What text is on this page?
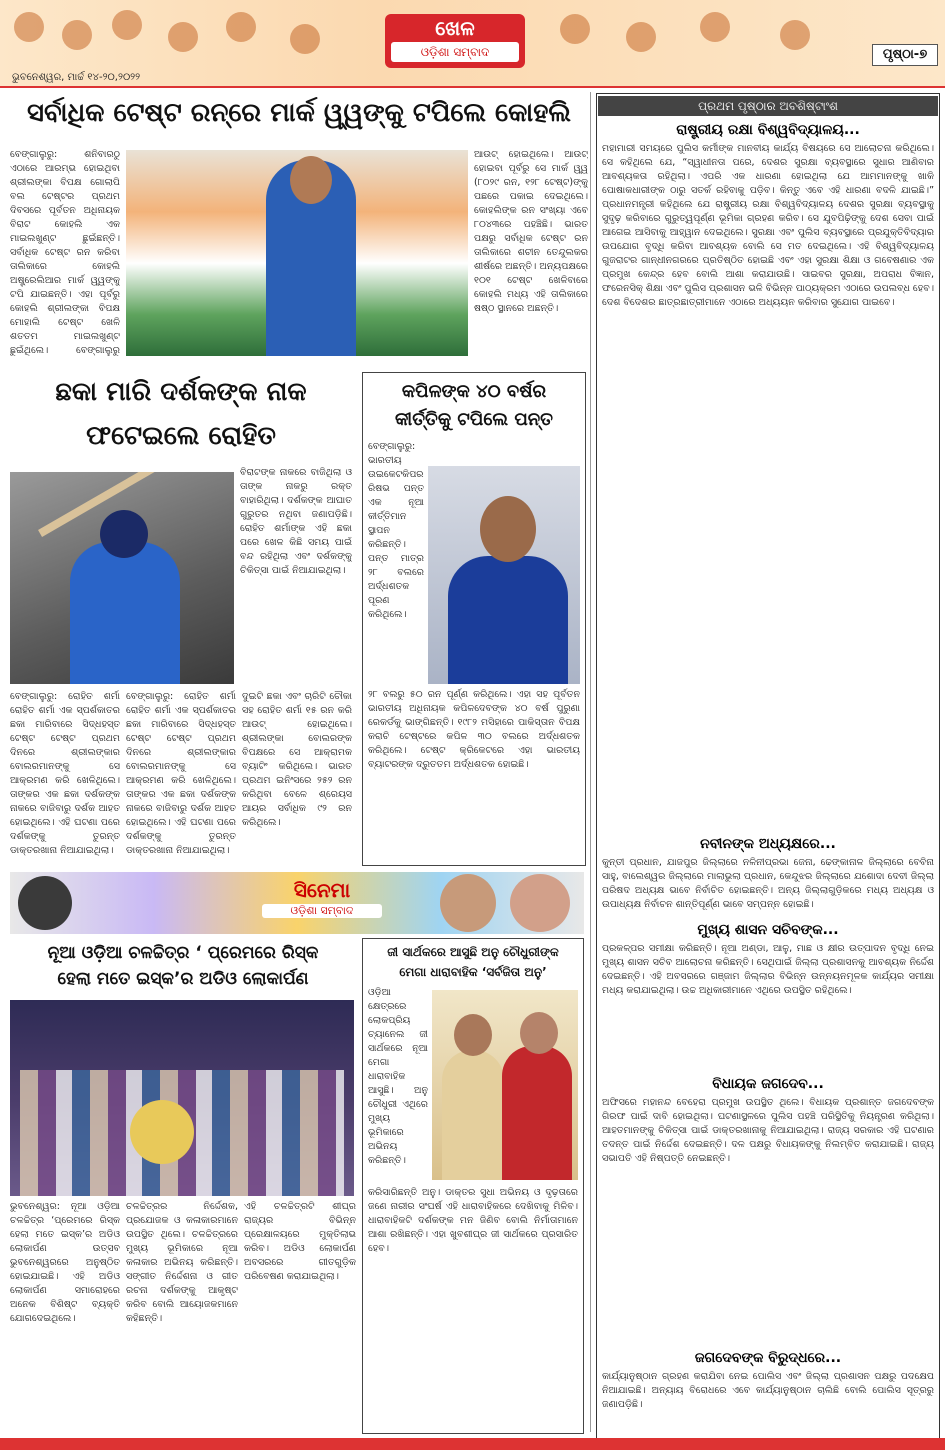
ଖେଳ
ଓଡ଼ିଶା ସମ୍ବାଦ
ଭୁବନେଶ୍ୱର, ମାର୍ଚ୍ଚ ୧୪-୨୦,୨୦୨୨
ପୃଷ୍ଠା-୭
ସର୍ବାଧିକ ଟେଷ୍ଟ ରନ୍‌ରେ ମାର୍କ ୱ୍ୱଙ୍କୁ ଟପିଲେ କୋହଲି
ବେଙ୍ଗାଲୁରୁ: ଶନିବାରଠୁ ଏଠାରେ ଆରମ୍ଭ ହୋଇଥିବା ଶ୍ରୀଲଙ୍କା ବିପକ୍ଷ ଗୋଲାପି ବଲ ଟେଷ୍ଟର ପ୍ରଥମ ଦିବସରେ ପୂର୍ବତନ ଅଧିନାୟକ ବିରାଟ କୋହଲି ଏକ ମାଇଲଖୁଣ୍ଟ ଛୁଇଁଛନ୍ତି। ସର୍ବାଧିକ ଟେଷ୍ଟ ରନ କରିବା ତାଲିକାରେ କୋହଲି ଅଷ୍ଟ୍ରେଲିଆର ମାର୍କ ୱ୍ୱଙ୍କୁ ଟପି ଯାଇଛନ୍ତି। ଏହା ପୂର୍ବରୁ କୋହଲି ଶ୍ରୀଲଙ୍କା ବିପକ୍ଷ ମୋହାଲି ଟେଷ୍ଟ ଖେଳି ଶତତମ ମାଇଲଖୁଣ୍ଟ ଛୁଇଁଥିଲେ। ବେଙ୍ଗାଲୁରୁ
ଆଉଟ୍ ହୋଇଥିଲେ। ଆଉଟ୍ ହୋଇବା ପୂର୍ବରୁ ସେ ମାର୍କ ୱ୍ୱ (୮୦୨୯ ରନ, ୧୨୮ ଟେଷ୍ଟ)ଙ୍କୁ ପଛରେ ପକାଇ ଦେଇଥିଲେ। କୋହଲିଙ୍କ ରନ ସଂଖ୍ୟା ଏବେ ୮୦୪୩ରେ ପହଞ୍ଚିଛି। ଭାରତ ପକ୍ଷରୁ ସର୍ବାଧିକ ଟେଷ୍ଟ ରନ ତାଲିକାରେ ଶଚୀନ ତେନ୍ଦୁଲକର ଶୀର୍ଷରେ ଅଛନ୍ତି। ଅନ୍ୟପକ୍ଷରେ ୧୦୧ ଟେଷ୍ଟ ଖେଳିବାରେ କୋହଲି ମଧ୍ୟ ଏହି ତାଲିକାରେ ଷଷ୍ଠ ସ୍ଥାନରେ ଅଛନ୍ତି।
ଛକା ମାରି ଦର୍ଶକଙ୍କ ନାକ
ଫଟେଇଲେ ରୋହିତ
ବିରାଟଙ୍କ ନାକରେ ବାଜିଥିଲା ଓ ତାଙ୍କ ନାକରୁ ରକ୍ତ ବାହାରିଥିଲା। ଦର୍ଶକଙ୍କ ଆଘାତ ଗୁରୁତର ନଥିବା ଜଣାପଡ଼ିଛି। ରୋହିତ ଶର୍ମାଙ୍କ ଏହି ଛକା ପରେ ଖେଳ କିଛି ସମୟ ପାଇଁ ବନ୍ଦ ରହିଥିଲା ଏବଂ ଦର୍ଶକଙ୍କୁ ଚିକିତ୍ସା ପାଇଁ ନିଆଯାଇଥିଲା।
ବେଙ୍ଗାଲୁରୁ: ରୋହିତ ଶର୍ମା ରୋହିତ ଶର୍ମା ଏକ ସ୍ପର୍ଶକାତର ଛକା ମାରିବାରେ ସିଦ୍ଧହସ୍ତ ଟେଷ୍ଟ ଟେଷ୍ଟ ପ୍ରଥମ ଦିନରେ ଶ୍ରୀଲଙ୍କାର ବୋଲରମାନଙ୍କୁ ସେ ଆକ୍ରମଣ କରି ଖେଳିଥିଲେ। ତାଙ୍କର ଏକ ଛକା ଦର୍ଶକଙ୍କ ନାକରେ ବାଜିବାରୁ ଦର୍ଶକ ଆହତ ହୋଇଥିଲେ। ଏହି ଘଟଣା ପରେ ଦର୍ଶକଙ୍କୁ ତୁରନ୍ତ ଡାକ୍ତରଖାନା ନିଆଯାଇଥିଲା।
ବେଙ୍ଗାଲୁରୁ: ରୋହିତ ଶର୍ମା ରୋହିତ ଶର୍ମା ଏକ ସ୍ପର୍ଶକାତର ଛକା ମାରିବାରେ ସିଦ୍ଧହସ୍ତ ଟେଷ୍ଟ ଟେଷ୍ଟ ପ୍ରଥମ ଦିନରେ ଶ୍ରୀଲଙ୍କାର ବୋଲରମାନଙ୍କୁ ସେ ଆକ୍ରମଣ କରି ଖେଳିଥିଲେ। ତାଙ୍କର ଏକ ଛକା ଦର୍ଶକଙ୍କ ନାକରେ ବାଜିବାରୁ ଦର୍ଶକ ଆହତ ହୋଇଥିଲେ। ଏହି ଘଟଣା ପରେ ଦର୍ଶକଙ୍କୁ ତୁରନ୍ତ ଡାକ୍ତରଖାନା ନିଆଯାଇଥିଲା।
ଦୁଇଟି ଛକା ଏବଂ ଚାରିଟି ଚୌକା ସହ ରୋହିତ ଶର୍ମା ୧୫ ରନ କରି ଆଉଟ୍ ହୋଇଥିଲେ। ଶ୍ରୀଲଙ୍କା ବୋଲରଙ୍କ ବିପକ୍ଷରେ ସେ ଆକ୍ରାମକ ବ୍ୟାଟିଂ କରିଥିଲେ। ଭାରତ ପ୍ରଥମ ଇନିଂସରେ ୨୫୨ ରନ କରିଥିବା ବେଳେ ଶ୍ରେୟସ ଆୟର ସର୍ବାଧିକ ୯୨ ରନ କରିଥିଲେ।
କପିଳଙ୍କ ୪୦ ବର୍ଷର
କୀର୍ତ୍ତିକୁ ଟପିଲେ ପନ୍ତ
ବେଙ୍ଗାଲୁରୁ: ଭାରତୀୟ ଉଇକେଟକିପର ରିଷଭ ପନ୍ତ ଏକ ନୂଆ କୀର୍ତ୍ତିମାନ ସ୍ଥାପନ କରିଛନ୍ତି। ପନ୍ତ ମାତ୍ର ୨୮ ବଲରେ ଅର୍ଦ୍ଧଶତକ ପୂରଣ କରିଥିଲେ।
୨୮ ବଲରୁ ୫୦ ରନ ପୂର୍ଣ୍ଣ କରିଥିଲେ। ଏହା ସହ ପୂର୍ବତନ ଭାରତୀୟ ଅଧିନାୟକ କପିଳଦେବଙ୍କ ୪୦ ବର୍ଷ ପୁରୁଣା ରେକର୍ଡକୁ ଭାଙ୍ଗିଛନ୍ତି। ୧୯୮୨ ମସିହାରେ ପାକିସ୍ତାନ ବିପକ୍ଷ କରାଚି ଟେଷ୍ଟରେ କପିଳ ୩୦ ବଲରେ ଅର୍ଦ୍ଧଶତକ କରିଥିଲେ। ଟେଷ୍ଟ କ୍ରିକେଟରେ ଏହା ଭାରତୀୟ ବ୍ୟାଟରଙ୍କ ଦ୍ରୁତତମ ଅର୍ଦ୍ଧଶତକ ହୋଇଛି।
ସିନେମା
ଓଡ଼ିଶା ସମ୍ବାଦ
ନୂଆ ଓଡ଼ିଆ ଚଳଚ୍ଚିତ୍ର ‘ ପ୍ରେମରେ ରିସ୍କ
ହେଲା ମତେ ଇସ୍କ’ର ଅଡିଓ ଲୋକାର୍ପଣ
ଭୁବନେଶ୍ୱର: ନୂଆ ଓଡ଼ିଆ ଚଳଚ୍ଚିତ୍ର ‘ପ୍ରେମରେ ରିସ୍କ ହେଲା ମତେ ଇସ୍କ’ର ଅଡିଓ ଲୋକାର୍ପଣ ଉତ୍ସବ ଭୁବନେଶ୍ୱରରେ ଅନୁଷ୍ଠିତ ହୋଇଯାଇଛି। ଏହି ଅଡିଓ ଲୋକାର୍ପଣ ସମାରୋହରେ ଅନେକ ବିଶିଷ୍ଟ ବ୍ୟକ୍ତି ଯୋଗଦେଇଥିଲେ।
ଚଳଚ୍ଚିତ୍ରର ନିର୍ଦ୍ଦେଶକ, ପ୍ରଯୋଜକ ଓ କଳାକାରମାନେ ଉପସ୍ଥିତ ଥିଲେ। ଚଳଚ୍ଚିତ୍ରରେ ମୁଖ୍ୟ ଭୂମିକାରେ ନୂଆ କଳାକାର ଅଭିନୟ କରିଛନ୍ତି। ସଙ୍ଗୀତ ନିର୍ଦ୍ଦେଶନା ଓ ଗୀତ ରଚନା ଦର୍ଶକଙ୍କୁ ଆକୃଷ୍ଟ କରିବ ବୋଲି ଆୟୋଜକମାନେ କହିଛନ୍ତି।
ଏହି ଚଳଚ୍ଚିତ୍ରଟି ଶୀଘ୍ର ରାଜ୍ୟର ବିଭିନ୍ନ ପ୍ରେକ୍ଷାଳୟରେ ମୁକ୍ତିଲାଭ କରିବ। ଅଡିଓ ଲୋକାର୍ପଣ ଅବସରରେ ଗୀତଗୁଡ଼ିକ ପରିବେଷଣ କରାଯାଇଥିଲା।
ଜୀ ସାର୍ଥକରେ ଆସୁଛି ଅନୁ ଚୌଧୁରୀଙ୍କ
ମେଗା ଧାରାବାହିକ ‘ସର୍ବଜିତା ଅନୁ’
ଓଡ଼ିଆ କ୍ଷେତ୍ରରେ ଲୋକପ୍ରିୟ ଚ୍ୟାନେଲ ଜୀ ସାର୍ଥକରେ ନୂଆ ମେଗା ଧାରାବାହିକ ଆସୁଛି। ଅନୁ ଚୌଧୁରୀ ଏଥିରେ ମୁଖ୍ୟ ଭୂମିକାରେ ଅଭିନୟ କରିଛନ୍ତି।
କରିସାରିଛନ୍ତି ଅନୁ। ଡାକ୍ତର ସୁଧା ଅଭିନୟ ଓ ଦୃଢ଼ତାରେ ଜଣେ ନାରୀର ସଂଘର୍ଷ ଏହି ଧାରାବାହିକରେ ଦେଖିବାକୁ ମିଳିବ। ଧାରାବାହିକଟି ଦର୍ଶକଙ୍କ ମନ ଜିଣିବ ବୋଲି ନିର୍ମାତାମାନେ ଆଶା ରଖିଛନ୍ତି। ଏହା ଖୁବଶୀଘ୍ର ଜୀ ସାର୍ଥକରେ ପ୍ରସାରିତ ହେବ।
ପ୍ରଥମ ପୃଷ୍ଠାର ଅବଶିଷ୍ଟାଂଶ
ରାଷ୍ଟ୍ରୀୟ ରକ୍ଷା ବିଶ୍ୱବିଦ୍ୟାଳୟ...
ମହାମାରୀ ସମୟରେ ପୁଲିସ କର୍ମୀଙ୍କ ମାନବୀୟ କାର୍ଯ୍ୟ ବିଷୟରେ ସେ ଆଲୋଚନା କରିଥିଲେ। ସେ କହିଥିଲେ ଯେ, “ସ୍ୱାଧୀନତା ପରେ, ଦେଶର ସୁରକ୍ଷା ବ୍ୟବସ୍ଥାରେ ସୁଧାର ଆଣିବାର ଆବଶ୍ୟକତା ରହିଥିଲା। ଏପରି ଏକ ଧାରଣା ହୋଇଥିଲା ଯେ ଆମମାନଙ୍କୁ ଖାକି ପୋଷାକଧାରୀଙ୍କ ଠାରୁ ସତର୍କ ରହିବାକୁ ପଡ଼ିବ। କିନ୍ତୁ ଏବେ ଏହି ଧାରଣା ବଦଳି ଯାଇଛି।” ପ୍ରଧାନମନ୍ତ୍ରୀ କହିଥିଲେ ଯେ ରାଷ୍ଟ୍ରୀୟ ରକ୍ଷା ବିଶ୍ୱବିଦ୍ୟାଳୟ ଦେଶର ସୁରକ୍ଷା ବ୍ୟବସ୍ଥାକୁ ସୁଦୃଢ଼ କରିବାରେ ଗୁରୁତ୍ୱପୂର୍ଣ୍ଣ ଭୂମିକା ଗ୍ରହଣ କରିବ। ସେ ଯୁବପିଢ଼ିଙ୍କୁ ଦେଶ ସେବା ପାଇଁ ଆଗେଇ ଆସିବାକୁ ଆହ୍ୱାନ ଦେଇଥିଲେ। ସୁରକ୍ଷା ଏବଂ ପୁଲିସ ବ୍ୟବସ୍ଥାରେ ପ୍ରଯୁକ୍ତିବିଦ୍ୟାର ଉପଯୋଗ ବୃଦ୍ଧି କରିବା ଆବଶ୍ୟକ ବୋଲି ସେ ମତ ଦେଇଥିଲେ। ଏହି ବିଶ୍ୱବିଦ୍ୟାଳୟ ଗୁଜରାଟର ଗାନ୍ଧୀନଗରରେ ପ୍ରତିଷ୍ଠିତ ହୋଇଛି ଏବଂ ଏହା ସୁରକ୍ଷା ଶିକ୍ଷା ଓ ଗବେଷଣାର ଏକ ପ୍ରମୁଖ କେନ୍ଦ୍ର ହେବ ବୋଲି ଆଶା କରାଯାଉଛି। ସାଇବର ସୁରକ୍ଷା, ଅପରାଧ ବିଜ୍ଞାନ, ଫରେନସିକ୍ ଶିକ୍ଷା ଏବଂ ପୁଲିସ ପ୍ରଶାସନ ଭଳି ବିଭିନ୍ନ ପାଠ୍ୟକ୍ରମ ଏଠାରେ ଉପଲବ୍ଧ ହେବ। ଦେଶ ବିଦେଶର ଛାତ୍ରଛାତ୍ରୀମାନେ ଏଠାରେ ଅଧ୍ୟୟନ କରିବାର ସୁଯୋଗ ପାଇବେ।
ନବୀନଙ୍କ ଅଧ୍ୟକ୍ଷରେ...
କୁନ୍ତୀ ପ୍ରଧାନ, ଯାଜପୁର ଜିଲ୍ଲାରେ ନଳିନୀପ୍ରଭା ଜେନା, ଢେଙ୍କାନାଳ ଜିଲ୍ଲାରେ ବେବିନା ସାହୁ, ବାଲେଶ୍ୱର ଜିଲ୍ଲାରେ ମାଲାଭୁଲା ପ୍ରଧାନ, କେନ୍ଦୁଝର ଜିଲ୍ଲାରେ ଯଶୋଦା ଦେବୀ ଜିଲ୍ଲା ପରିଷଦ ଅଧ୍ୟକ୍ଷ ଭାବେ ନିର୍ବାଚିତ ହୋଇଛନ୍ତି। ଅନ୍ୟ ଜିଲ୍ଲାଗୁଡ଼ିକରେ ମଧ୍ୟ ଅଧ୍ୟକ୍ଷ ଓ ଉପାଧ୍ୟକ୍ଷ ନିର୍ବାଚନ ଶାନ୍ତିପୂର୍ଣ୍ଣ ଭାବେ ସମ୍ପନ୍ନ ହୋଇଛି।
ମୁଖ୍ୟ ଶାସନ ସଚିବଙ୍କ...
ପ୍ରକଳ୍ପର ସମୀକ୍ଷା କରିଛନ୍ତି। ନୂଆ ଅଣ୍ଡା, ଆଳୁ, ମାଛ ଓ କ୍ଷୀର ଉତ୍ପାଦନ ବୃଦ୍ଧି ନେଇ ମୁଖ୍ୟ ଶାସନ ସଚିବ ଆଲୋଚନା କରିଛନ୍ତି। ସେଥିପାଇଁ ଜିଲ୍ଲା ପ୍ରଶାସନକୁ ଆବଶ୍ୟକ ନିର୍ଦ୍ଦେଶ ଦେଇଛନ୍ତି। ଏହି ଅବସରରେ ଗଞ୍ଜାମ ଜିଲ୍ଲାର ବିଭିନ୍ନ ଉନ୍ନୟନମୂଳକ କାର୍ଯ୍ୟର ସମୀକ୍ଷା ମଧ୍ୟ କରାଯାଇଥିଲା। ଉଚ୍ଚ ଅଧିକାରୀମାନେ ଏଥିରେ ଉପସ୍ଥିତ ରହିଥିଲେ।
ବିଧାୟକ ଜଗଦେବ...
ଅଫିସରେ ମହାନନ୍ଦ ବେହେରା ପ୍ରମୁଖ ଉପସ୍ଥିତ ଥିଲେ। ବିଧାୟକ ପ୍ରଶାନ୍ତ ଜଗଦେବଙ୍କ ଗିରଫ ପାଇଁ ଦାବି ହୋଇଥିଲା। ଘଟଣାସ୍ଥଳରେ ପୁଲିସ ପହଞ୍ଚି ପରିସ୍ଥିତିକୁ ନିୟନ୍ତ୍ରଣ କରିଥିଲା। ଆହତମାନଙ୍କୁ ଚିକିତ୍ସା ପାଇଁ ଡାକ୍ତରଖାନାକୁ ନିଆଯାଇଥିଲା। ରାଜ୍ୟ ସରକାର ଏହି ଘଟଣାର ତଦନ୍ତ ପାଇଁ ନିର୍ଦ୍ଦେଶ ଦେଇଛନ୍ତି। ଦଳ ପକ୍ଷରୁ ବିଧାୟକଙ୍କୁ ନିଲମ୍ବିତ କରାଯାଇଛି। ରାଜ୍ୟ ସଭାପତି ଏହି ନିଷ୍ପତ୍ତି ନେଇଛନ୍ତି।
ଜଗଦେବଙ୍କ ବିରୁଦ୍ଧରେ...
କାର୍ଯ୍ୟାନୁଷ୍ଠାନ ଗ୍ରହଣ କରାଯିବା ନେଇ ପୋଲିସ ଏବଂ ଜିଲ୍ଲା ପ୍ରଶାସନ ପକ୍ଷରୁ ପଦକ୍ଷେପ ନିଆଯାଇଛି। ଅନ୍ୟାୟ ବିରୋଧରେ ଏବେ କାର୍ଯ୍ୟାନୁଷ୍ଠାନ ଚାଲିଛି ବୋଲି ପୋଲିସ ସୂତ୍ରରୁ ଜଣାପଡ଼ିଛି।
